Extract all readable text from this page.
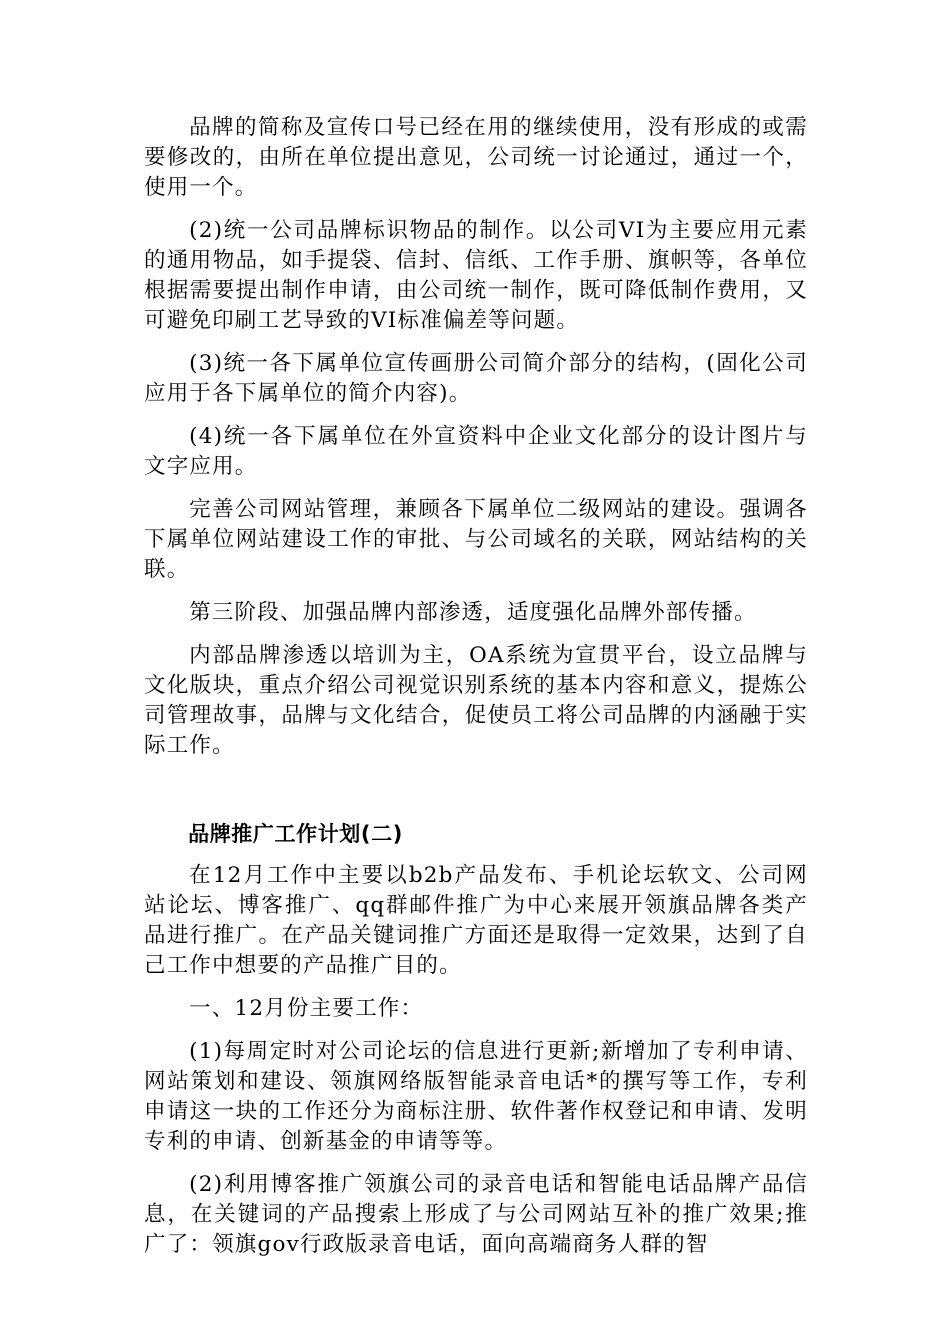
品牌的简称及宣传口号已经在用的继续使用，没有形成的或需要修改的，由所在单位提出意见，公司统一讨论通过，通过一个，使用一个。

(2)统一公司品牌标识物品的制作。以公司VI为主要应用元素的通用物品，如手提袋、信封、信纸、工作手册、旗帜等，各单位根据需要提出制作申请，由公司统一制作，既可降低制作费用，又可避免印刷工艺导致的VI标准偏差等问题。

(3)统一各下属单位宣传画册公司简介部分的结构，(固化公司应用于各下属单位的简介内容)。

(4)统一各下属单位在外宣资料中企业文化部分的设计图片与文字应用。

完善公司网站管理，兼顾各下属单位二级网站的建设。强调各下属单位网站建设工作的审批、与公司域名的关联，网站结构的关联。

第三阶段、加强品牌内部渗透，适度强化品牌外部传播。

内部品牌渗透以培训为主，OA系统为宣贯平台，设立品牌与文化版块，重点介绍公司视觉识别系统的基本内容和意义，提炼公司管理故事，品牌与文化结合，促使员工将公司品牌的内涵融于实际工作。

品牌推广工作计划(二)

在12月工作中主要以b2b产品发布、手机论坛软文、公司网站论坛、博客推广、qq群邮件推广为中心来展开领旗品牌各类产品进行推广。在产品关键词推广方面还是取得一定效果，达到了自己工作中想要的产品推广目的。

一、12月份主要工作：

(1)每周定时对公司论坛的信息进行更新;新增加了专利申请、网站策划和建设、领旗网络版智能录音电话*的撰写等工作，专利申请这一块的工作还分为商标注册、软件著作权登记和申请、发明专利的申请、创新基金的申请等等。

(2)利用博客推广领旗公司的录音电话和智能电话品牌产品信息，在关键词的产品搜索上形成了与公司网站互补的推广效果;推广了：领旗gov行政版录音电话，面向高端商务人群的智
